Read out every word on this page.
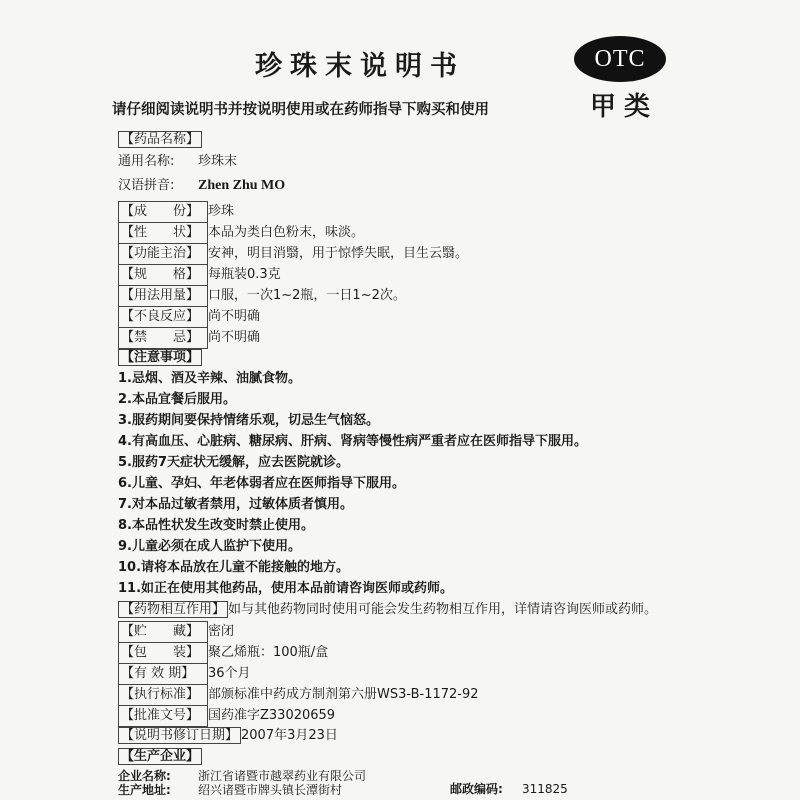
珍珠末说明书	OTC
甲类
请仔细阅读说明书并按说明使用或在药师指导下购买和使用
【药品名称】
通用名称: 珍珠末
汉语拼音: Zhen Zhu MO
【成　　份】 珍珠
【性　　状】 本品为类白色粉末，味淡。
【功能主治】 安神，明目消翳，用于惊悸失眠，目生云翳。
【规　　格】 每瓶装0.3克
【用法用量】 口服，一次1~2瓶，一日1~2次。
【不良反应】 尚不明确
【禁　　忌】 尚不明确
【注意事项】
1.忌烟、酒及辛辣、油腻食物。
2.本品宜餐后服用。
3.服药期间要保持情绪乐观，切忌生气恼怒。
4.有高血压、心脏病、糖尿病、肝病、肾病等慢性病严重者应在医师指导下服用。
5.服药7天症状无缓解，应去医院就诊。
6.儿童、孕妇、年老体弱者应在医师指导下服用。
7.对本品过敏者禁用，过敏体质者慎用。
8.本品性状发生改变时禁止使用。
9.儿童必须在成人监护下使用。
10.请将本品放在儿童不能接触的地方。
11.如正在使用其他药品，使用本品前请咨询医师或药师。
【药物相互作用】 如与其他药物同时使用可能会发生药物相互作用，详情请咨询医师或药师。
【贮　　藏】 密闭
【包　　装】 聚乙烯瓶：100瓶/盒
【有 效 期】 36个月
【执行标准】 部颁标准中药成方制剂第六册WS3-B-1172-92
【批准文号】 国药准字Z33020659
【说明书修订日期】 2007年3月23日
【生产企业】
企业名称: 浙江省诸暨市越翠药业有限公司
生产地址: 绍兴诸暨市牌头镇长潭街村	邮政编码: 311825
